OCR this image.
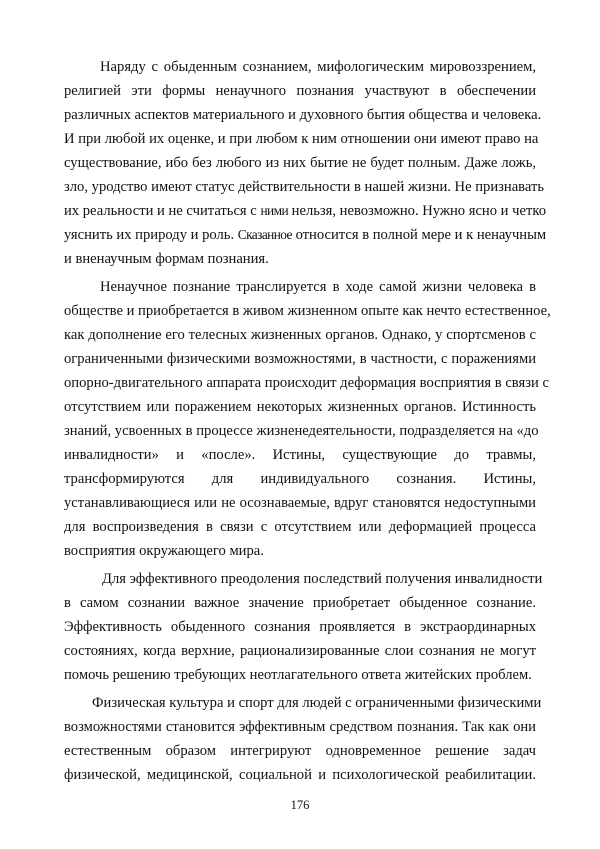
Наряду с обыденным сознанием, мифологическим мировоззрением,
религией эти формы ненаучного познания участвуют в обеспечении
различных аспектов материального и духовного бытия общества и человека.
И при любой их оценке, и при любом к ним отношении они имеют право на
существование, ибо без любого из них бытие не будет полным. Даже ложь,
зло, уродство имеют статус действительности в нашей жизни. Не признавать
их реальности и не считаться с ними нельзя, невозможно. Нужно ясно и четко
уяснить их природу и роль. Сказанное относится в полной мере и к ненаучным
и вненаучным формам познания.
Ненаучное познание транслируется в ходе самой жизни человека в
обществе и приобретается в живом жизненном опыте как нечто естественное,
как дополнение его телесных жизненных органов. Однако, у спортсменов с
ограниченными физическими возможностями, в частности, с поражениями
опорно-двигательного аппарата происходит деформация восприятия в связи с
отсутствием или поражением некоторых жизненных органов. Истинность
знаний, усвоенных в процессе жизненедеятельности, подразделяется на «до
инвалидности» и «после». Истины, существующие до травмы,
трансформируются для индивидуального сознания. Истины,
устанавливающиеся или не осознаваемые, вдруг становятся недоступными
для воспроизведения в связи с отсутствием или деформацией процесса
восприятия окружающего мира.
Для эффективного преодоления последствий получения инвалидности
в самом сознании важное значение приобретает обыденное сознание.
Эффективность обыденного сознания проявляется в экстраординарных
состояниях, когда верхние, рационализированные слои сознания не могут
помочь решению требующих неотлагательного ответа житейских проблем.
Физическая культура и спорт для людей с ограниченными физическими
возможностями становится эффективным средством познания. Так как они
естественным образом интегрируют одновременное решение задач
физической, медицинской, социальной и психологической реабилитации.
176
